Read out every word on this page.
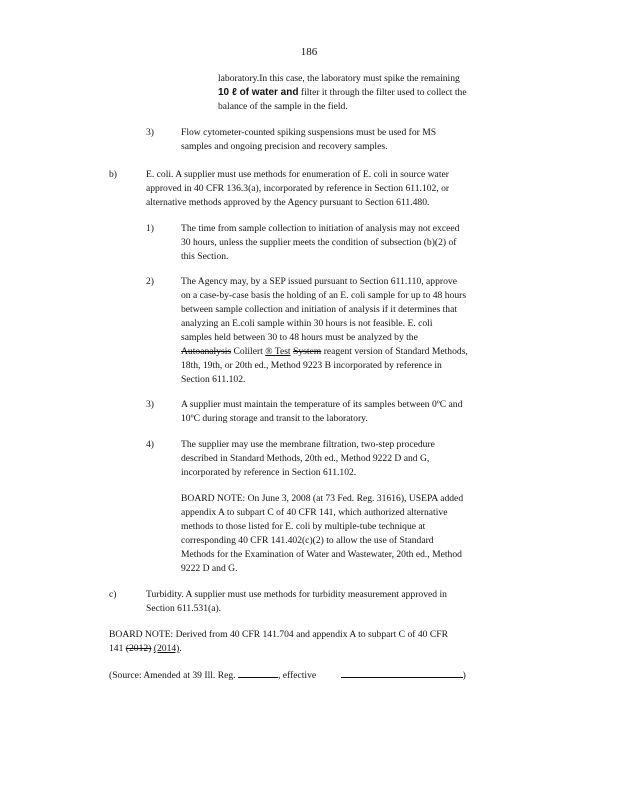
186
laboratory.In this case, the laboratory must spike the remaining
10 ℓ of water and filter it through the filter used to collect the
balance of the sample in the field.
3)	Flow cytometer-counted spiking suspensions must be used for MS
samples and ongoing precision and recovery samples.
b)	E. coli. A supplier must use methods for enumeration of E. coli in source water
approved in 40 CFR 136.3(a), incorporated by reference in Section 611.102, or
alternative methods approved by the Agency pursuant to Section 611.480.
1)	The time from sample collection to initiation of analysis may not exceed
30 hours, unless the supplier meets the condition of subsection (b)(2) of
this Section.
2)	The Agency may, by a SEP issued pursuant to Section 611.110, approve
on a case-by-case basis the holding of an E. coli sample for up to 48 hours
between sample collection and initiation of analysis if it determines that
analyzing an E.coli sample within 30 hours is not feasible. E. coli
samples held between 30 to 48 hours must be analyzed by the
Autoanalysis Colilert ® Test System reagent version of Standard Methods,
18th, 19th, or 20th ed., Method 9223 B incorporated by reference in
Section 611.102.
3)	A supplier must maintain the temperature of its samples between 0ºC and
10ºC during storage and transit to the laboratory.
4)	The supplier may use the membrane filtration, two-step procedure
described in Standard Methods, 20th ed., Method 9222 D and G,
incorporated by reference in Section 611.102.
BOARD NOTE: On June 3, 2008 (at 73 Fed. Reg. 31616), USEPA added
appendix A to subpart C of 40 CFR 141, which authorized alternative
methods to those listed for E. coli by multiple-tube technique at
corresponding 40 CFR 141.402(c)(2) to allow the use of Standard
Methods for the Examination of Water and Wastewater, 20th ed., Method
9222 D and G.
c)	Turbidity. A supplier must use methods for turbidity measurement approved in
Section 611.531(a).
BOARD NOTE: Derived from 40 CFR 141.704 and appendix A to subpart C of 40 CFR
141 (2012) (2014).
(Source: Amended at 39 Ill. Reg.	, effective	)
